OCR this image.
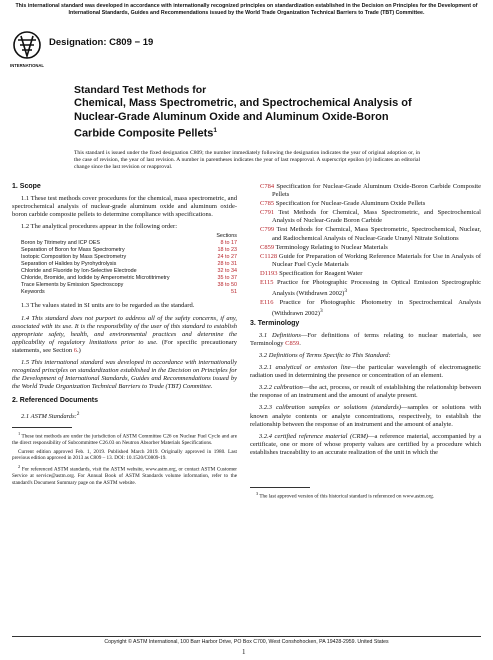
This international standard was developed in accordance with internationally recognized principles on standardization established in the Decision on Principles for the Development of International Standards, Guides and Recommendations issued by the World Trade Organization Technical Barriers to Trade (TBT) Committee.
INTERNATIONAL
Designation: C809 − 19
Standard Test Methods for
Chemical, Mass Spectrometric, and Spectrochemical Analysis of Nuclear-Grade Aluminum Oxide and Aluminum Oxide-Boron Carbide Composite Pellets$^1$
This standard is issued under the fixed designation C809; the number immediately following the designation indicates the year of original adoption or, in the case of revision, the year of last revision. A number in parentheses indicates the year of last reapproval. A superscript epsilon (ε) indicates an editorial change since the last revision or reapproval.
1. Scope

1.1 These test methods cover procedures for the chemical, mass spectrometric, and spectrochemical analysis of nuclear-grade aluminum oxide and aluminum oxide-boron carbide composite pellets to determine compliance with specifications.

1.2 The analytical procedures appear in the following order:

Sections
Boron by Titrimetry and ICP OES	8 to 17
Separation of Boron for Mass Spectrometry	18 to 23
Isotopic Composition by Mass Spectrometry	24 to 27
Separation of Halides by Pyrohydrolysis	28 to 31
Chloride and Fluoride by Ion-Selective Electrode	32 to 34
Chloride, Bromide, and Iodide by Amperometric Microtitrimetry	35 to 37
Trace Elements by Emission Spectroscopy	38 to 50
Keywords	51

1.3 The values stated in SI units are to be regarded as the standard.

1.4 This standard does not purport to address all of the safety concerns, if any, associated with its use. It is the responsibility of the user of this standard to establish appropriate safety, health, and environmental practices and determine the applicability of regulatory limitations prior to use. (For specific precautionary statements, see Section 6.)

1.5 This international standard was developed in accordance with internationally recognized principles on standardization established in the Decision on Principles for the Development of International Standards, Guides and Recommendations issued by the World Trade Organization Technical Barriers to Trade (TBT) Committee.

2. Referenced Documents

2.1 ASTM Standards:$^2$

$^1$ These test methods are under the jurisdiction of ASTM Committee C26 on Nuclear Fuel Cycle and are the direct responsibility of Subcommittee C26.03 on Neutron Absorber Materials Specifications.

Current edition approved Feb. 1, 2019. Published March 2019. Originally approved in 1980. Last previous edition approved in 2013 as C809 – 13. DOI: 10.1520/C0809-19.

$^2$ For referenced ASTM standards, visit the ASTM website, www.astm.org, or contact ASTM Customer Service at service@astm.org. For Annual Book of ASTM Standards volume information, refer to the standard's Document Summary page on the ASTM website.

C784 Specification for Nuclear-Grade Aluminum Oxide-Boron Carbide Composite Pellets

C785 Specification for Nuclear-Grade Aluminum Oxide Pellets

C791 Test Methods for Chemical, Mass Spectrometric, and Spectrochemical Analysis of Nuclear-Grade Boron Carbide

C799 Test Methods for Chemical, Mass Spectrometric, Spectrochemical, Nuclear, and Radiochemical Analysis of Nuclear-Grade Uranyl Nitrate Solutions

C859 Terminology Relating to Nuclear Materials

C1128 Guide for Preparation of Working Reference Materials for Use in Analysis of Nuclear Fuel Cycle Materials

D1193 Specification for Reagent Water

E115 Practice for Photographic Processing in Optical Emission Spectrographic Analysis (Withdrawn 2002)$^3$

E116 Practice for Photographic Photometry in Spectrochemical Analysis (Withdrawn 2002)$^3$

3. Terminology

3.1 Definitions—For definitions of terms relating to nuclear materials, see Terminology C859.

3.2 Definitions of Terms Specific to This Standard:

3.2.1 analytical or emission line—the particular wavelength of electromagnetic radiation used in determining the presence or concentration of an element.

3.2.2 calibration—the act, process, or result of establishing the relationship between the response of an instrument and the amount of analyte present.

3.2.3 calibration samples or solutions (standards)—samples or solutions with known analyte contents or analyte concentrations, respectively, to establish the relationship between the response of an instrument and the amount of analyte.

3.2.4 certified reference material (CRM)—a reference material, accompanied by a certificate, one or more of whose property values are certified by a procedure which establishes traceability to an accurate realization of the unit in which the

$^3$ The last approved version of this historical standard is referenced on www.astm.org.

Copyright © ASTM International, 100 Barr Harbor Drive, PO Box C700, West Conshohocken, PA 19428-2959. United States
1
